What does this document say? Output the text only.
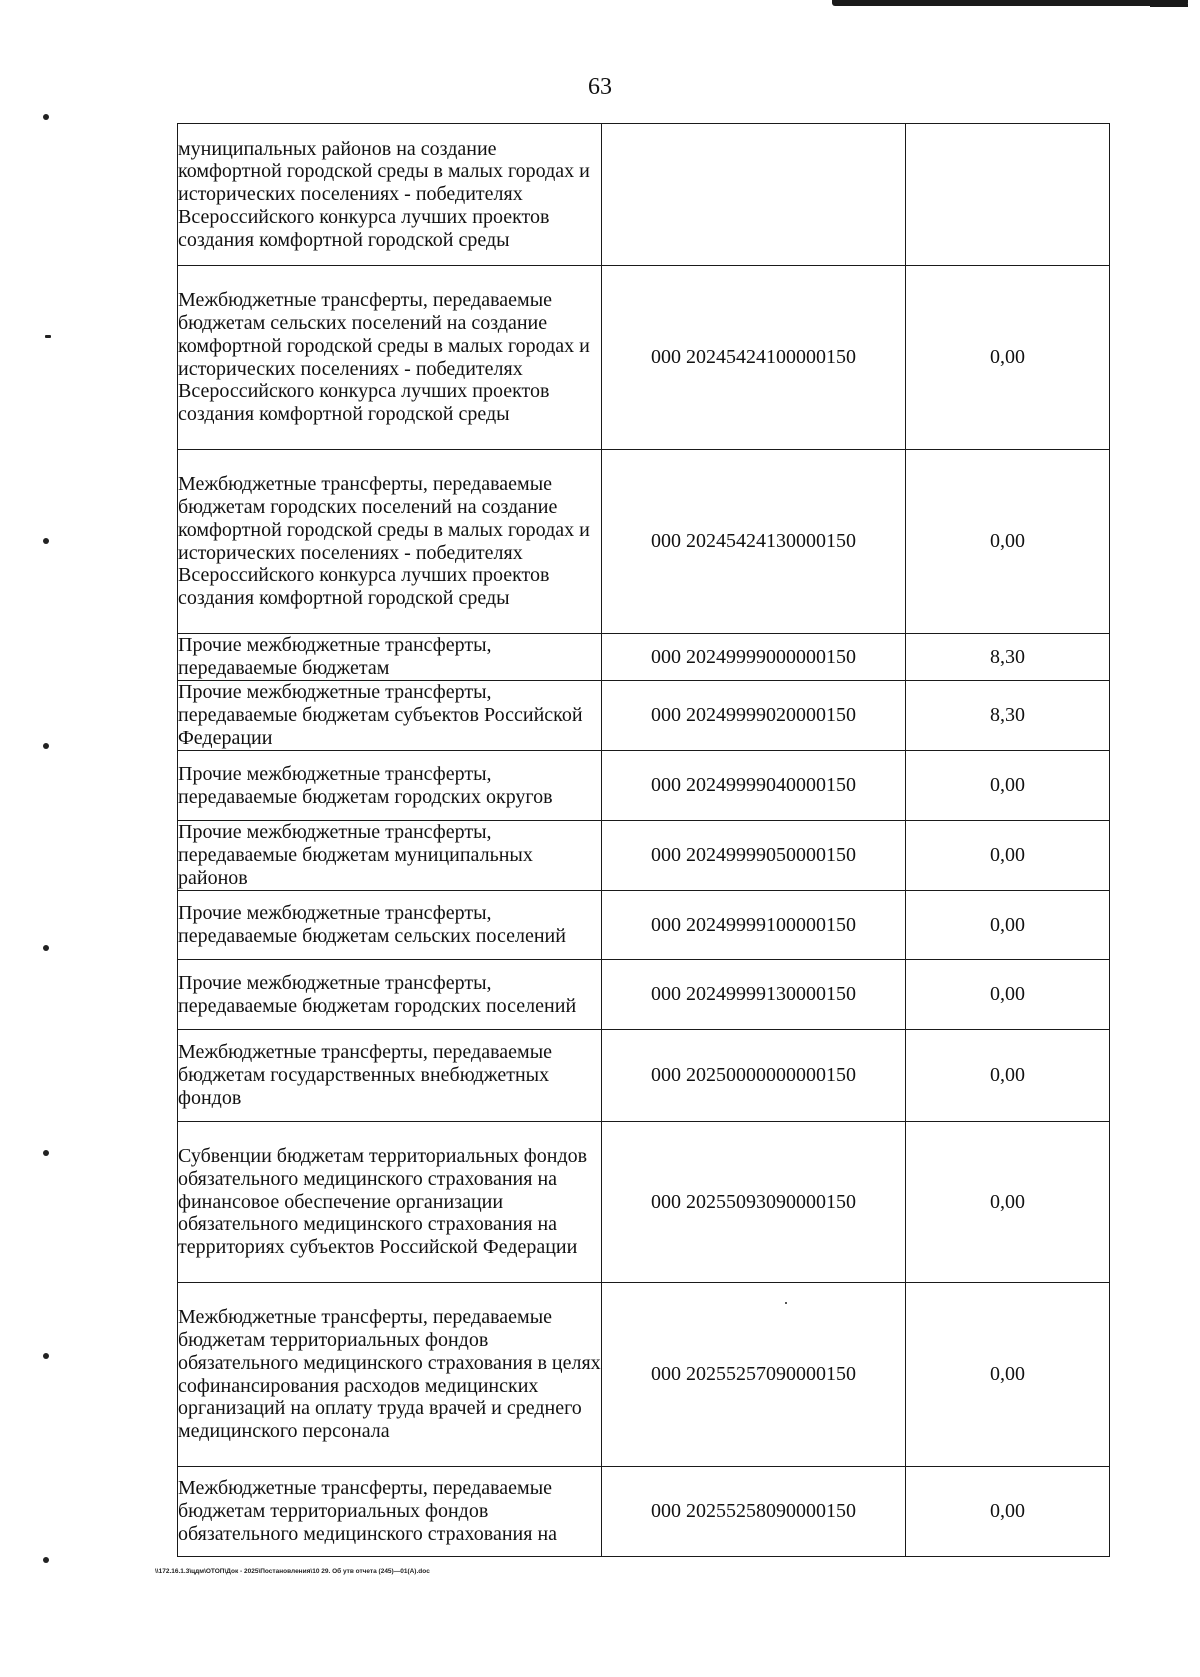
63
муниципальных районов на создание комфортной городской среды в малых городах и исторических поселениях - победителях Всероссийского конкурса лучших проектов создания комфортной городской среды		
Межбюджетные трансферты, передаваемые бюджетам сельских поселений на создание комфортной городской среды в малых городах и исторических поселениях - победителях Всероссийского конкурса лучших проектов создания комфортной городской среды	000 20245424100000150	0,00
Межбюджетные трансферты, передаваемые бюджетам городских поселений на создание комфортной городской среды в малых городах и исторических поселениях - победителях Всероссийского конкурса лучших проектов создания комфортной городской среды	000 20245424130000150	0,00
Прочие межбюджетные трансферты, передаваемые бюджетам	000 20249999000000150	8,30
Прочие межбюджетные трансферты, передаваемые бюджетам субъектов Российской Федерации	000 20249999020000150	8,30
Прочие межбюджетные трансферты, передаваемые бюджетам городских округов	000 20249999040000150	0,00
Прочие межбюджетные трансферты, передаваемые бюджетам муниципальных районов	000 20249999050000150	0,00
Прочие межбюджетные трансферты, передаваемые бюджетам сельских поселений	000 20249999100000150	0,00
Прочие межбюджетные трансферты, передаваемые бюджетам городских поселений	000 20249999130000150	0,00
Межбюджетные трансферты, передаваемые бюджетам государственных внебюджетных фондов	000 20250000000000150	0,00
Субвенции бюджетам территориальных фондов обязательного медицинского страхования на финансовое обеспечение организации обязательного медицинского страхования на территориях субъектов Российской Федерации	000 20255093090000150	0,00
Межбюджетные трансферты, передаваемые бюджетам территориальных фондов обязательного медицинского страхования в целях софинансирования расходов медицинских организаций на оплату труда врачей и среднего медицинского персонала	000 20255257090000150	0,00
Межбюджетные трансферты, передаваемые бюджетам территориальных фондов обязательного медицинского страхования на	000 20255258090000150	0,00
\\172.16.1.3\цдм\ОТОП\Док - 2025\Постановления\10 29. Об утв отчета (245)—01(А).doc
